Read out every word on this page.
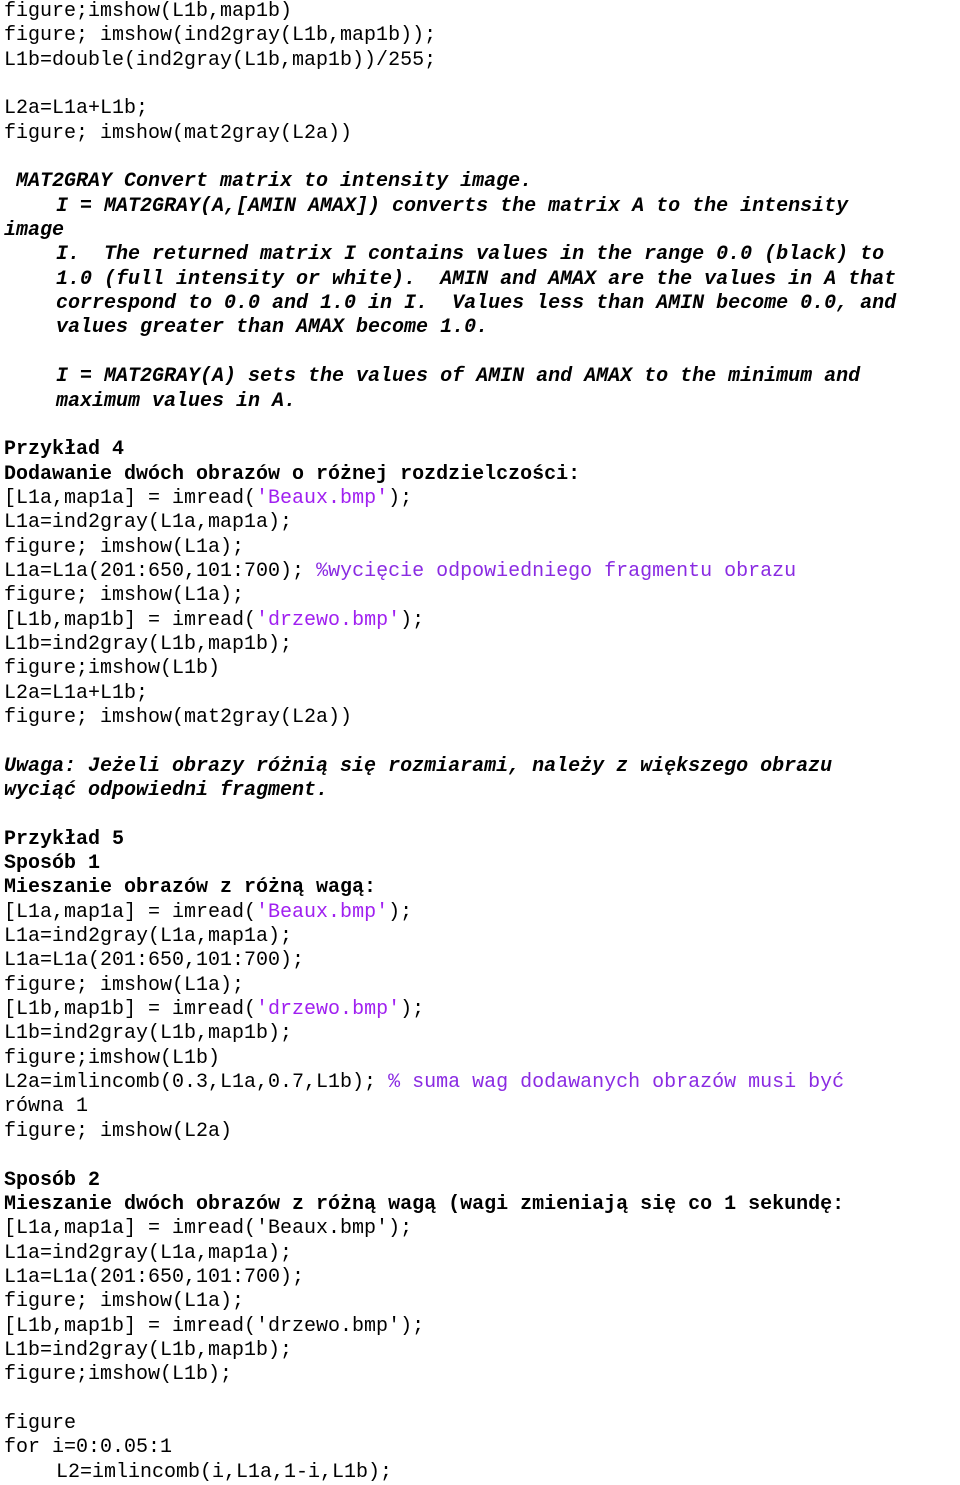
figure;imshow(L1b,map1b)
figure; imshow(ind2gray(L1b,map1b));
L1b=double(ind2gray(L1b,map1b))/255;
L2a=L1a+L1b;
figure; imshow(mat2gray(L2a))
MAT2GRAY Convert matrix to intensity image.
I = MAT2GRAY(A,[AMIN AMAX]) converts the matrix A to the intensity
image
I.  The returned matrix I contains values in the range 0.0 (black) to
1.0 (full intensity or white).  AMIN and AMAX are the values in A that
correspond to 0.0 and 1.0 in I.  Values less than AMIN become 0.0, and
values greater than AMAX become 1.0.
I = MAT2GRAY(A) sets the values of AMIN and AMAX to the minimum and
maximum values in A.
Przykład 4
Dodawanie dwóch obrazów o różnej rozdzielczości:
[L1a,map1a] = imread('Beaux.bmp');
L1a=ind2gray(L1a,map1a);
figure; imshow(L1a);
L1a=L1a(201:650,101:700); %wycięcie odpowiedniego fragmentu obrazu
figure; imshow(L1a);
[L1b,map1b] = imread('drzewo.bmp');
L1b=ind2gray(L1b,map1b);
figure;imshow(L1b)
L2a=L1a+L1b;
figure; imshow(mat2gray(L2a))
Uwaga: Jeżeli obrazy różnią się rozmiarami, należy z większego obrazu
wyciąć odpowiedni fragment.
Przykład 5
Sposób 1
Mieszanie obrazów z różną wagą:
[L1a,map1a] = imread('Beaux.bmp');
L1a=ind2gray(L1a,map1a);
L1a=L1a(201:650,101:700);
figure; imshow(L1a);
[L1b,map1b] = imread('drzewo.bmp');
L1b=ind2gray(L1b,map1b);
figure;imshow(L1b)
L2a=imlincomb(0.3,L1a,0.7,L1b); % suma wag dodawanych obrazów musi być
równa 1
figure; imshow(L2a)
Sposób 2
Mieszanie dwóch obrazów z różną wagą (wagi zmieniają się co 1 sekundę:
[L1a,map1a] = imread('Beaux.bmp');
L1a=ind2gray(L1a,map1a);
L1a=L1a(201:650,101:700);
figure; imshow(L1a);
[L1b,map1b] = imread('drzewo.bmp');
L1b=ind2gray(L1b,map1b);
figure;imshow(L1b);
figure
for i=0:0.05:1
L2=imlincomb(i,L1a,1-i,L1b);
